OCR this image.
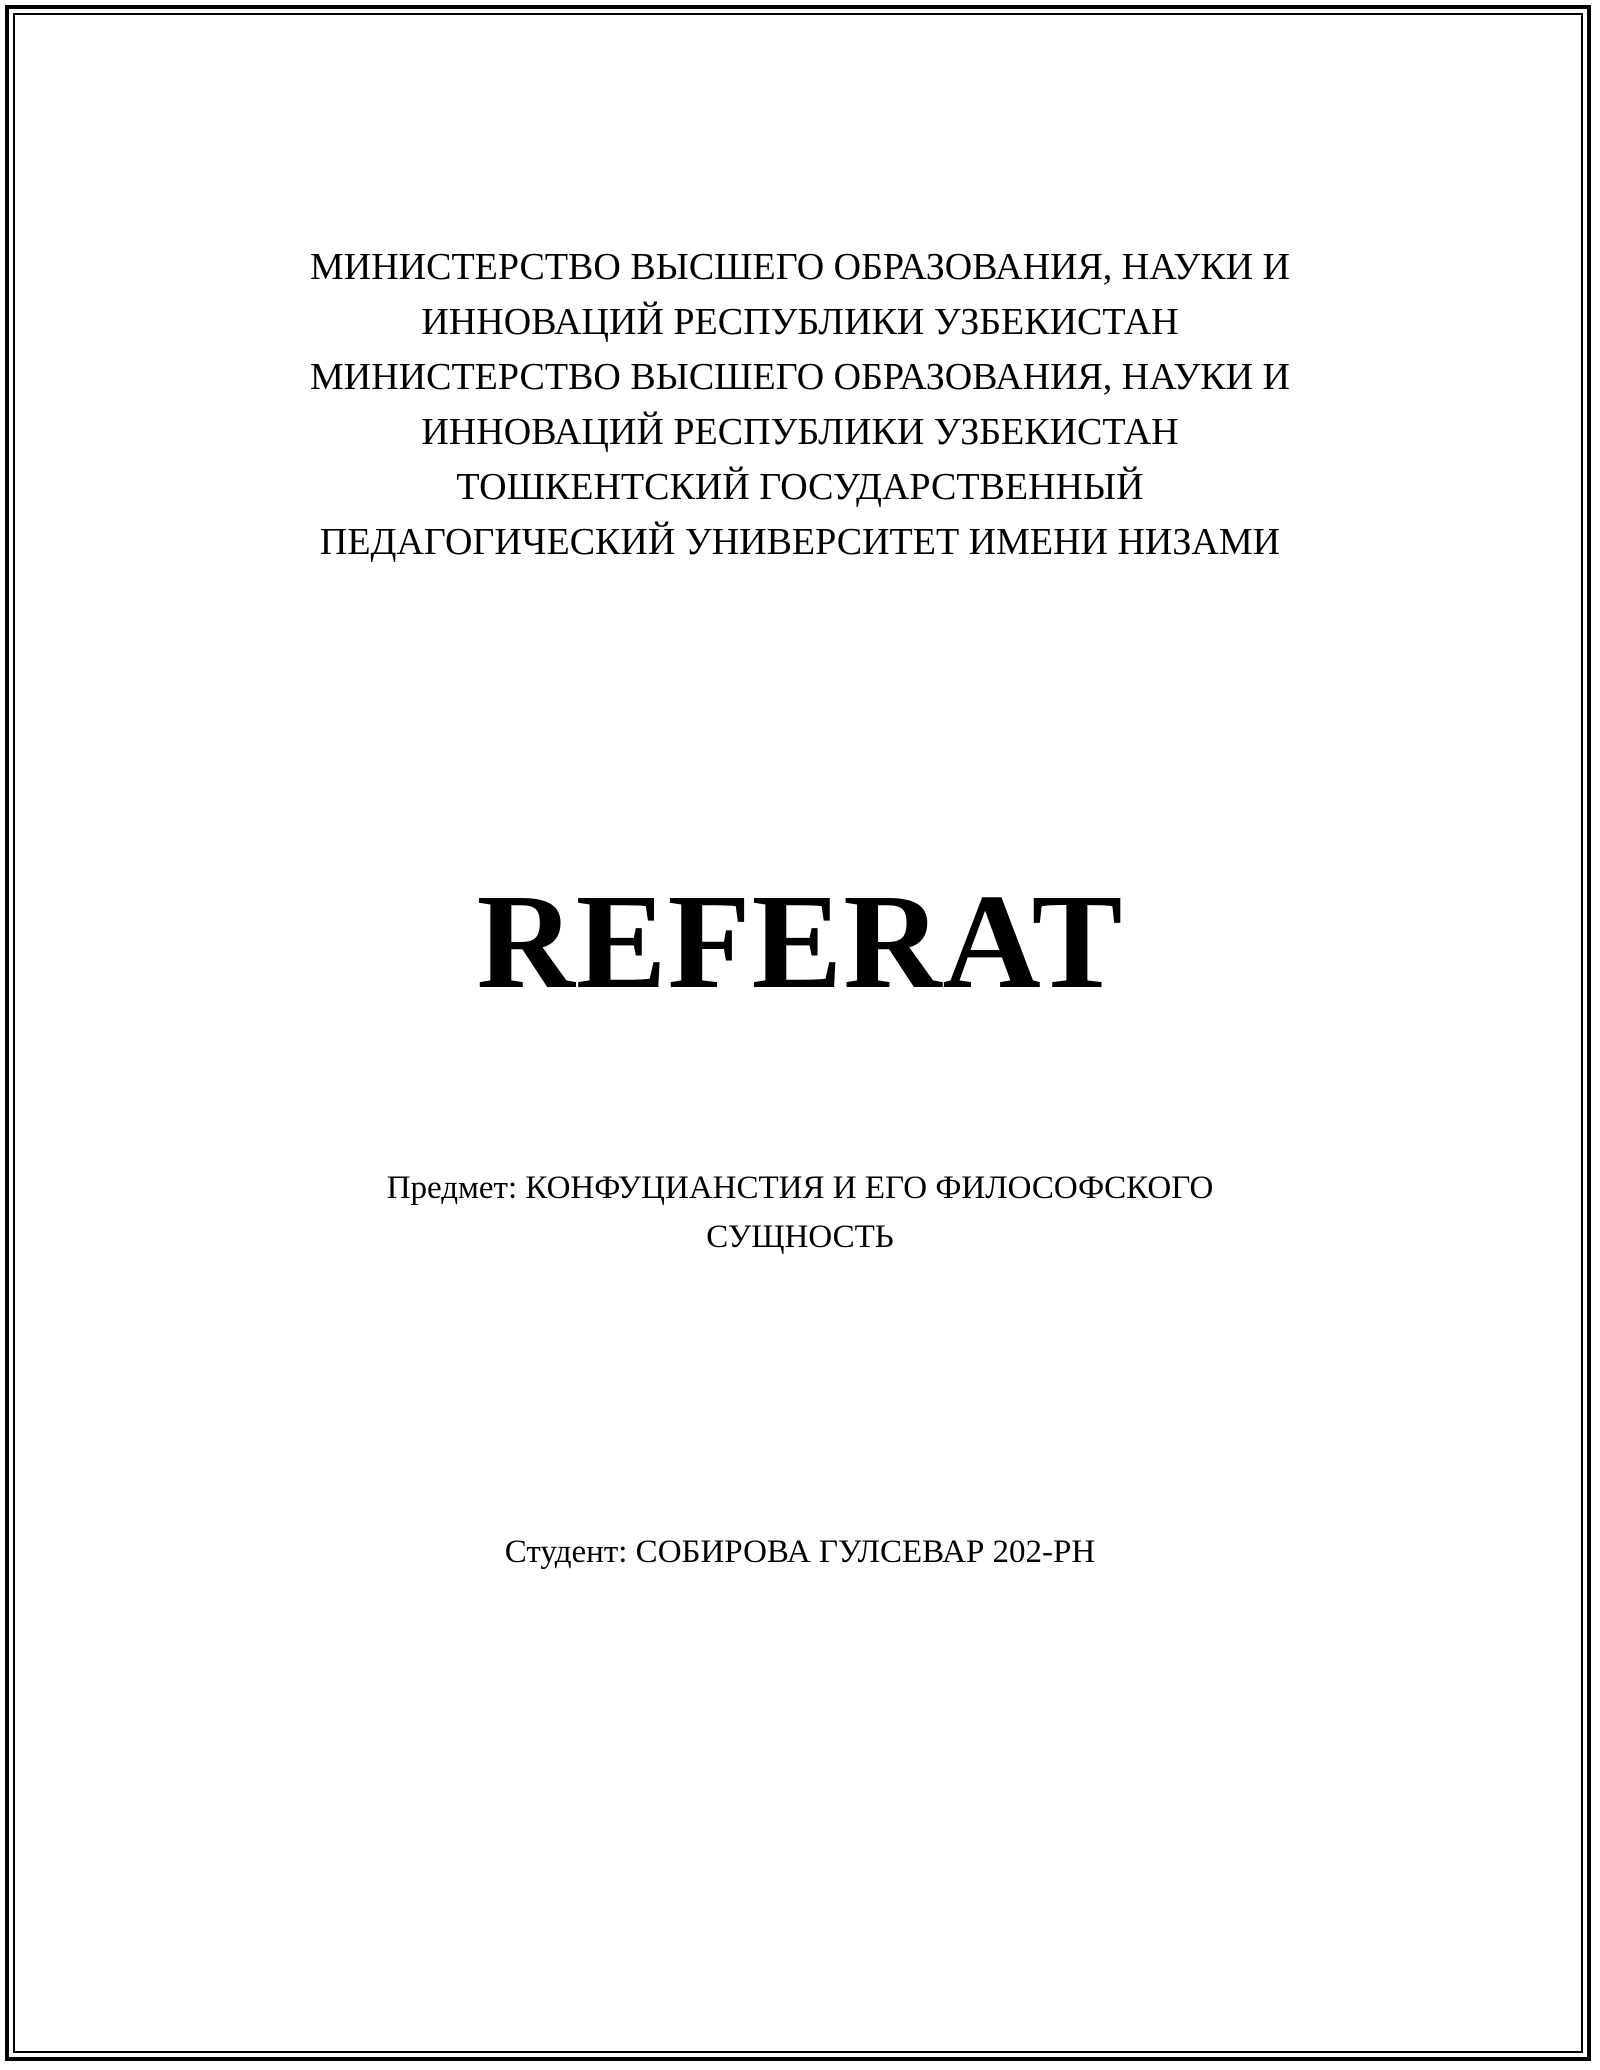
МИНИСТЕРСТВО ВЫСШЕГО ОБРАЗОВАНИЯ, НАУКИ И
ИННОВАЦИЙ РЕСПУБЛИКИ УЗБЕКИСТАН
МИНИСТЕРСТВО ВЫСШЕГО ОБРАЗОВАНИЯ, НАУКИ И
ИННОВАЦИЙ РЕСПУБЛИКИ УЗБЕКИСТАН
ТОШКЕНТСКИЙ ГОСУДАРСТВЕННЫЙ
ПЕДАГОГИЧЕСКИЙ УНИВЕРСИТЕТ ИМЕНИ НИЗАМИ
REFERAT
Предмет: КОНФУЦИАНСТИЯ И ЕГО ФИЛОСОФСКОГО
СУЩНОСТЬ
Студент: СОБИРОВА ГУЛСЕВАР 202-РН
